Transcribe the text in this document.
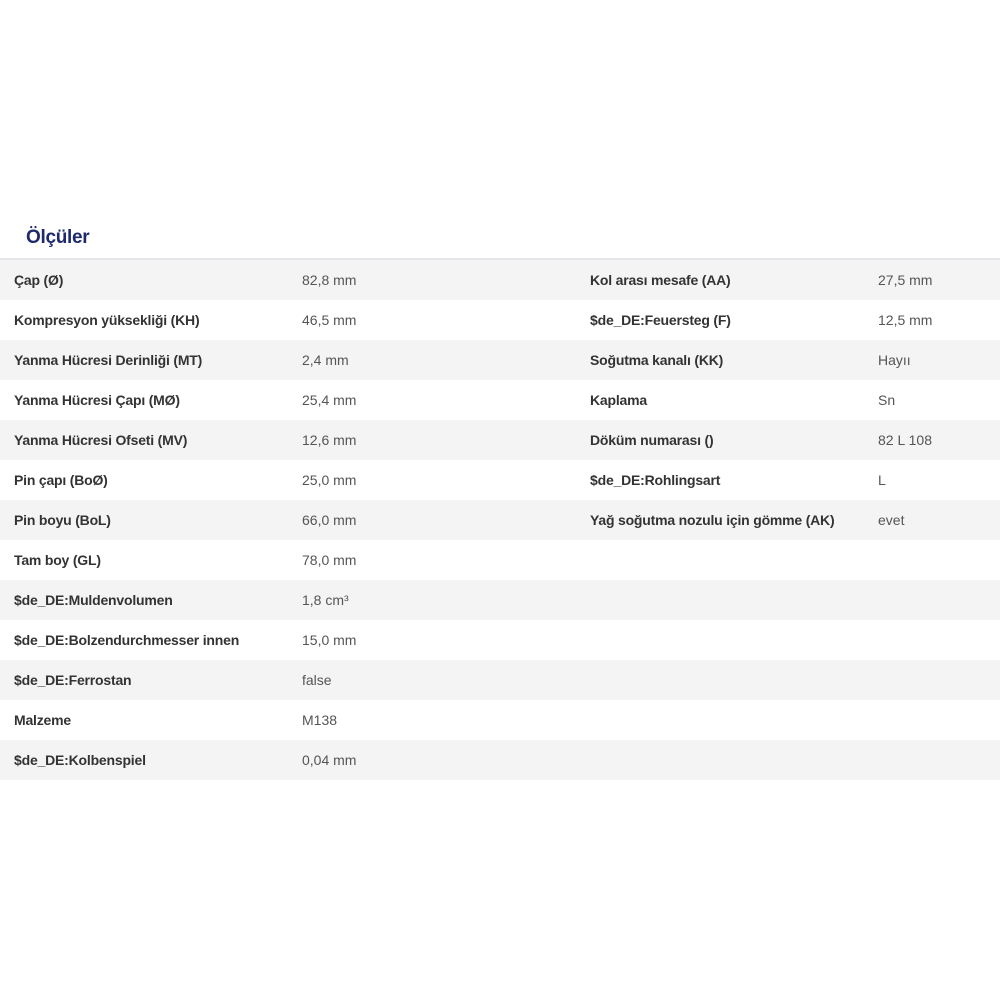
Ölçüler
Çap (Ø)	82,8 mm	Kol arası mesafe (AA)	27,5 mm
Kompresyon yüksekliği (KH)	46,5 mm	$de_DE:Feuersteg (F)	12,5 mm
Yanma Hücresi Derinliği (MT)	2,4 mm	Soğutma kanalı (KK)	Hayıı
Yanma Hücresi Çapı (MØ)	25,4 mm	Kaplama	Sn
Yanma Hücresi Ofseti (MV)	12,6 mm	Döküm numarası ()	82 L 108
Pin çapı (BoØ)	25,0 mm	$de_DE:Rohlingsart	L
Pin boyu (BoL)	66,0 mm	Yağ soğutma nozulu için gömme (AK)	evet
Tam boy (GL)	78,0 mm
$de_DE:Muldenvolumen	1,8 cm³
$de_DE:Bolzendurchmesser innen	15,0 mm
$de_DE:Ferrostan	false
Malzeme	M138
$de_DE:Kolbenspiel	0,04 mm
